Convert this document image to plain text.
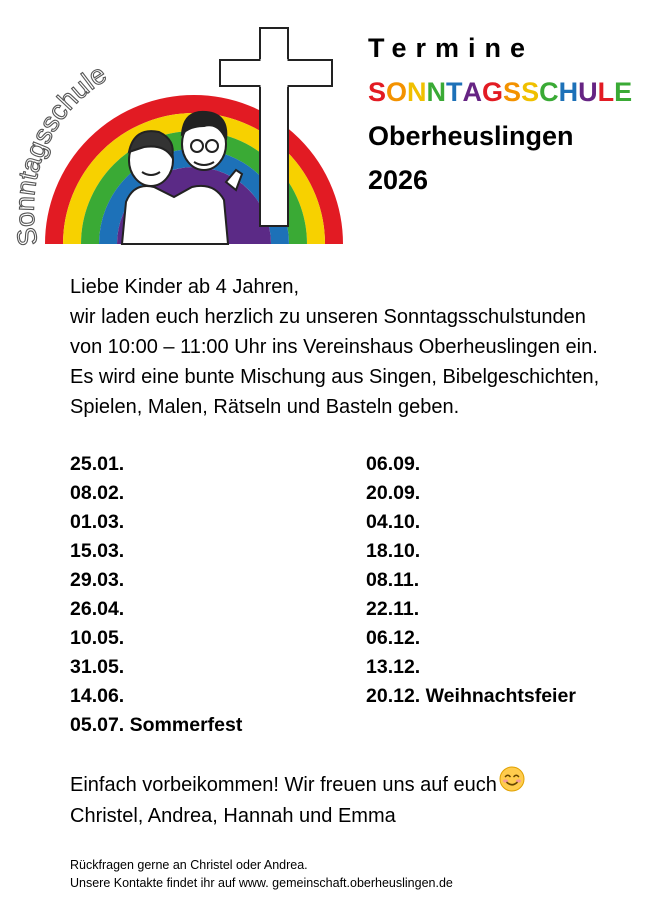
S tagsschule
Termine
SONNTAGSSCHULE
Oberheuslingen
2026
Liebe Kinder ab 4 Jahren,
wir laden euch herzlich zu unseren Sonntagsschulstunden
von 10:00 – 11:00 Uhr ins Vereinshaus Oberheuslingen ein.
Es wird eine bunte Mischung aus Singen, Bibelgeschichten,
Spielen, Malen, Rätseln und Basteln geben.
25.01.
08.02.
01.03.
15.03.
29.03.
26.04.
10.05.
31.05.
14.06.
05.07. Sommerfest
06.09.
20.09.
04.10.
18.10.
08.11.
22.11.
06.12.
13.12.
20.12. Weihnachtsfeier
Einfach vorbeikommen! Wir freuen uns auf euch
Christel, Andrea, Hannah und Emma
Rückfragen gerne an Christel oder Andrea.
Unsere Kontakte findet ihr auf www. gemeinschaft.oberheuslingen.de
